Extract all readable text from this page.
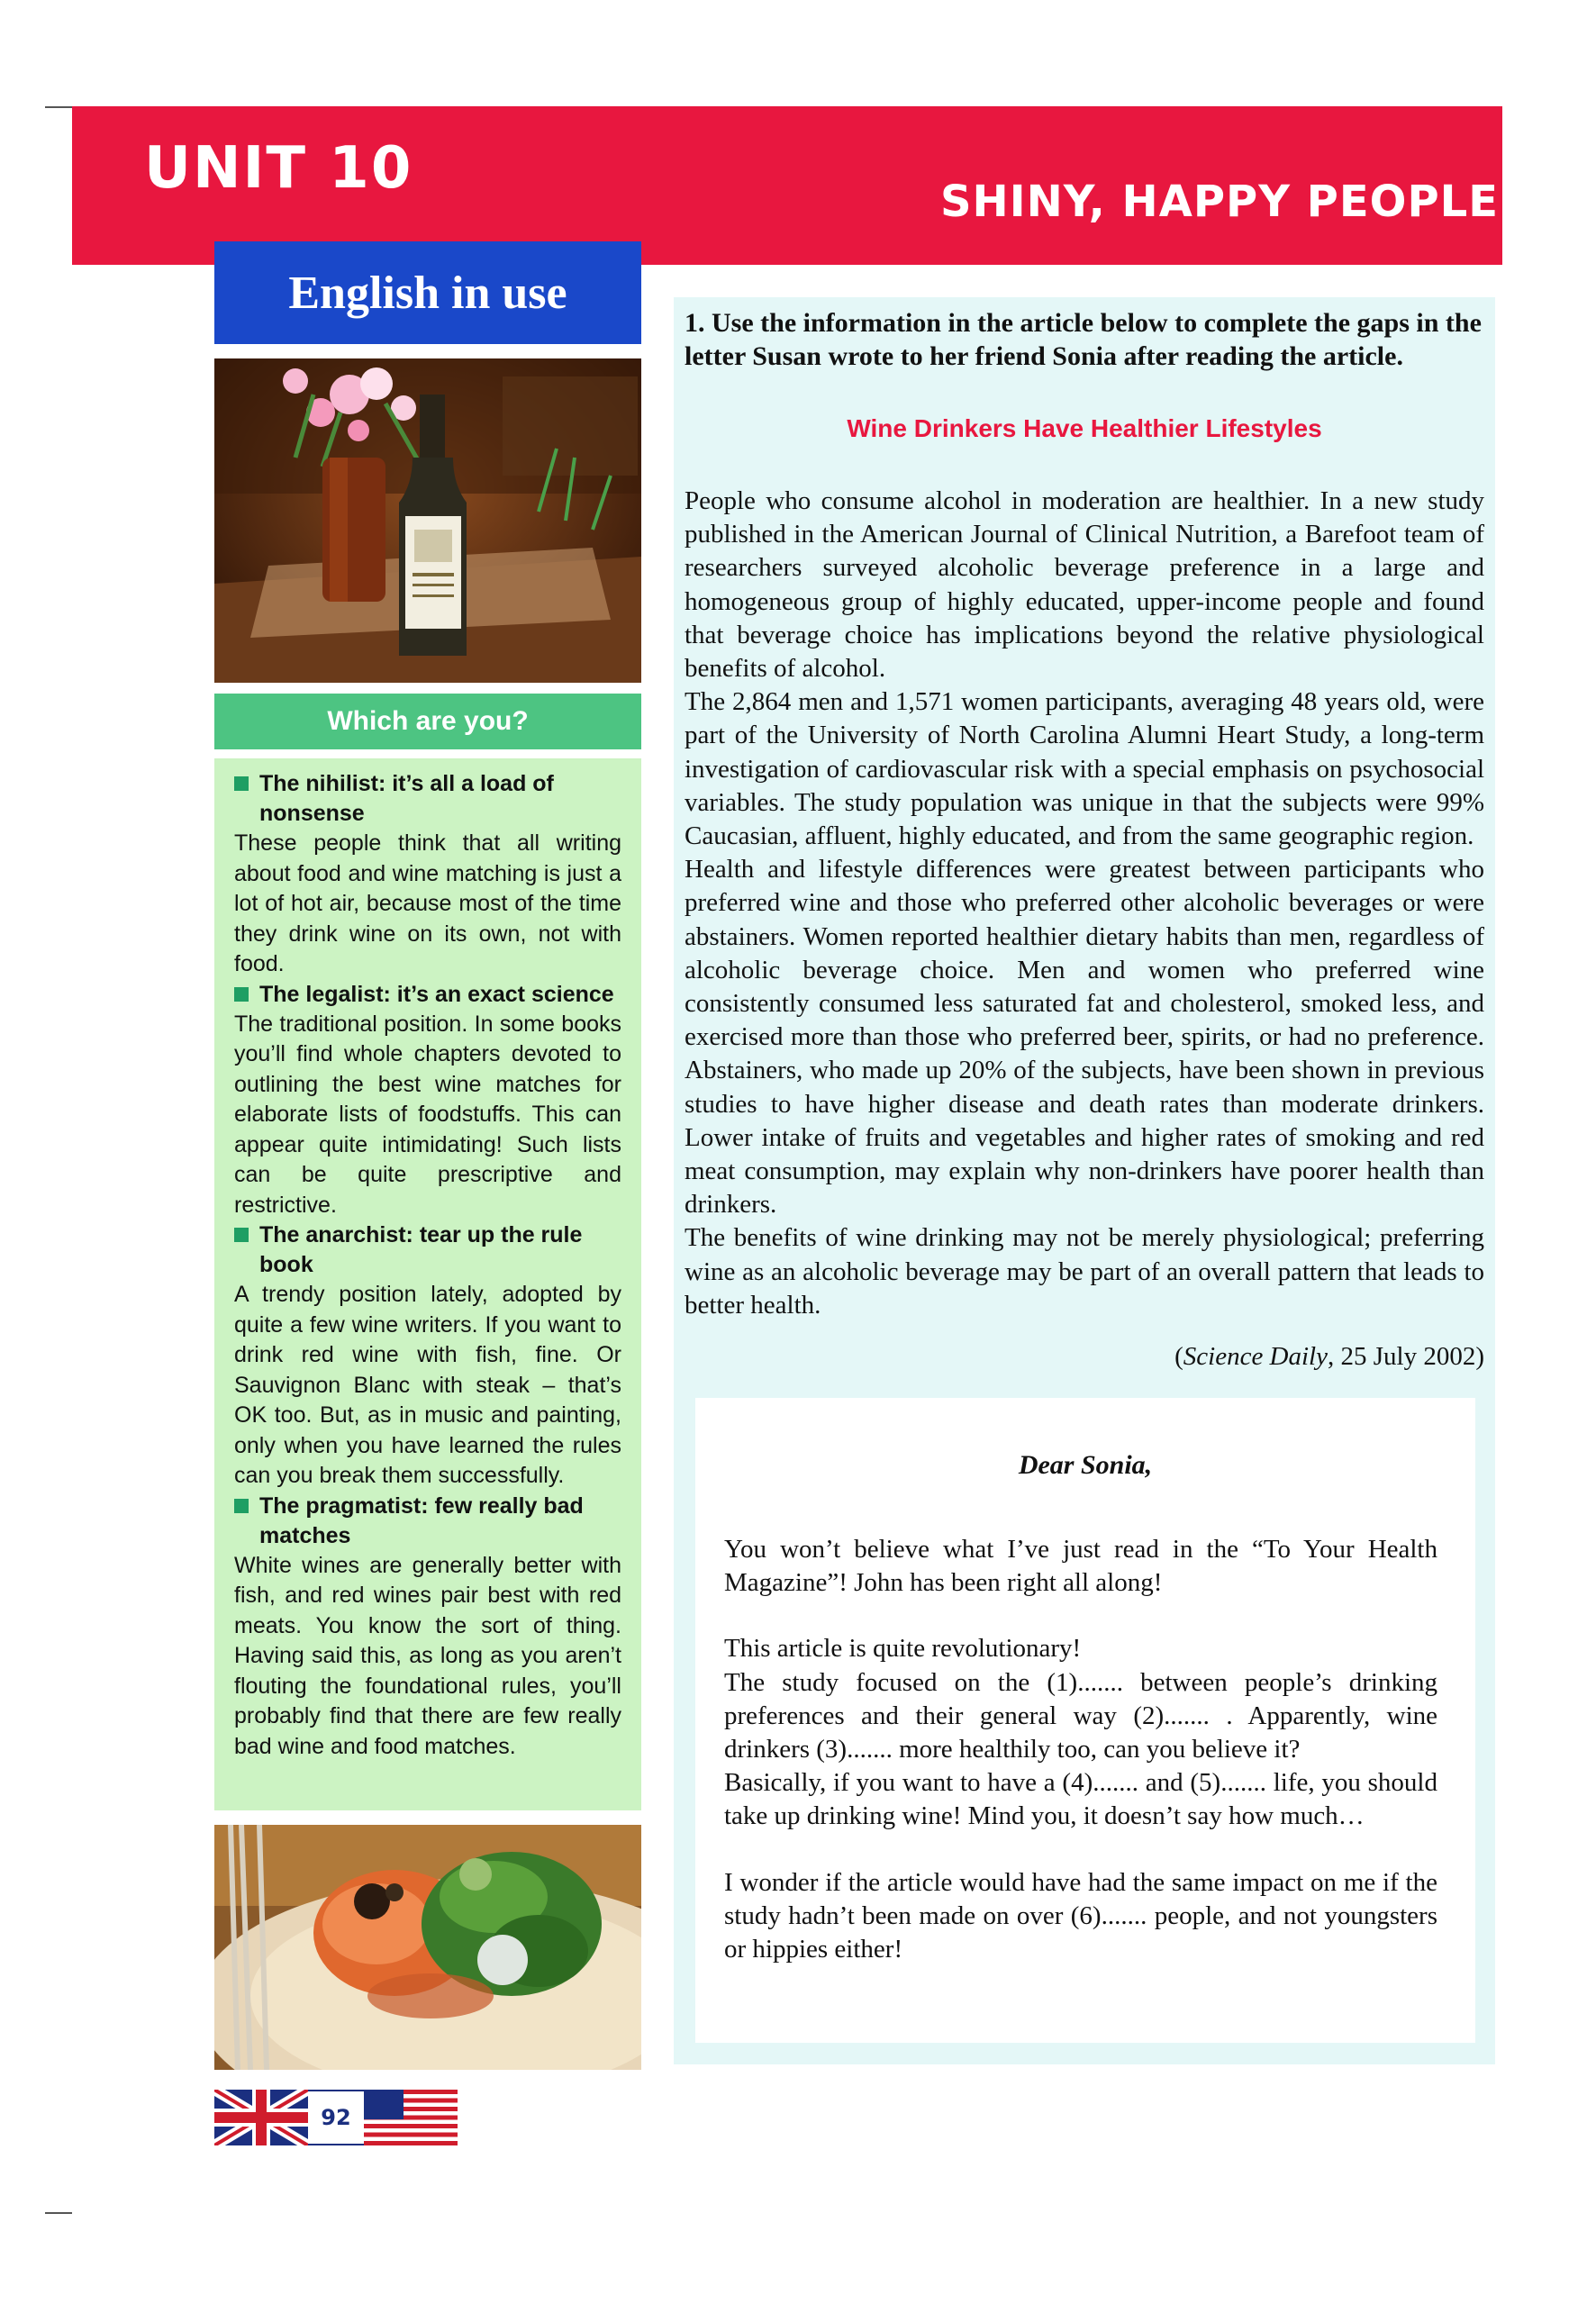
UNIT 10	SHINY, HAPPY PEOPLE
English in use
Which are you?
The nihilist: it’s all a load of nonsense
These people think that all writing about food and wine matching is just a lot of hot air, because most of the time they drink wine on its own, not with food.
The legalist: it’s an exact science
The traditional position. In some books you’ll find whole chapters devoted to outlining the best wine matches for elaborate lists of foodstuffs. This can appear quite intimidating! Such lists can be quite prescriptive and restrictive.
The anarchist: tear up the rule book
A trendy position lately, adopted by quite a few wine writers. If you want to drink red wine with fish, fine. Or Sauvignon Blanc with steak – that’s OK too. But, as in music and painting, only when you have learned the rules can you break them successfully.
The pragmatist: few really bad matches
White wines are generally better with fish, and red wines pair best with red meats. You know the sort of thing. Having said this, as long as you aren’t flouting the foundational rules, you’ll probably find that there are few really bad wine and food matches.
92
1. Use the information in the article below to complete the gaps in the letter Susan wrote to her friend Sonia after reading the article.
Wine Drinkers Have Healthier Lifestyles

People who consume alcohol in moderation are healthier. In a new study published in the American Journal of Clinical Nutrition, a Barefoot team of researchers surveyed alcoholic beverage preference in a large and homogeneous group of highly educated, upper-income people and found that beverage choice has implications beyond the relative physiological benefits of alcohol.

The 2,864 men and 1,571 women participants, averaging 48 years old, were part of the University of North Carolina Alumni Heart Study, a long-term investigation of cardiovascular risk with a special emphasis on psychosocial variables. The study population was unique in that the subjects were 99% Caucasian, affluent, highly educated, and from the same geographic region.

Health and lifestyle differences were greatest between participants who preferred wine and those who preferred other alcoholic beverages or were abstainers. Women reported healthier dietary habits than men, regardless of alcoholic beverage choice. Men and women who preferred wine consistently consumed less saturated fat and cholesterol, smoked less, and exercised more than those who preferred beer, spirits, or had no preference. Abstainers, who made up 20% of the subjects, have been shown in previous studies to have higher disease and death rates than moderate drinkers. Lower intake of fruits and vegetables and higher rates of smoking and red meat consumption, may explain why non-drinkers have poorer health than drinkers.

The benefits of wine drinking may not be merely physiological; preferring wine as an alcoholic beverage may be part of an overall pattern that leads to better health.

(Science Daily, 25 July 2002)
Dear Sonia,

You won’t believe what I’ve just read in the “To Your Health Magazine”! John has been right all along!

This article is quite revolutionary!

The study focused on the (1)....... between people’s drinking preferences and their general way (2)....... . Apparently, wine drinkers (3)....... more healthily too, can you believe it?

Basically, if you want to have a (4)....... and (5)....... life, you should take up drinking wine! Mind you, it doesn’t say how much…

I wonder if the article would have had the same impact on me if the study hadn’t been made on over (6)....... people, and not youngsters or hippies either!
